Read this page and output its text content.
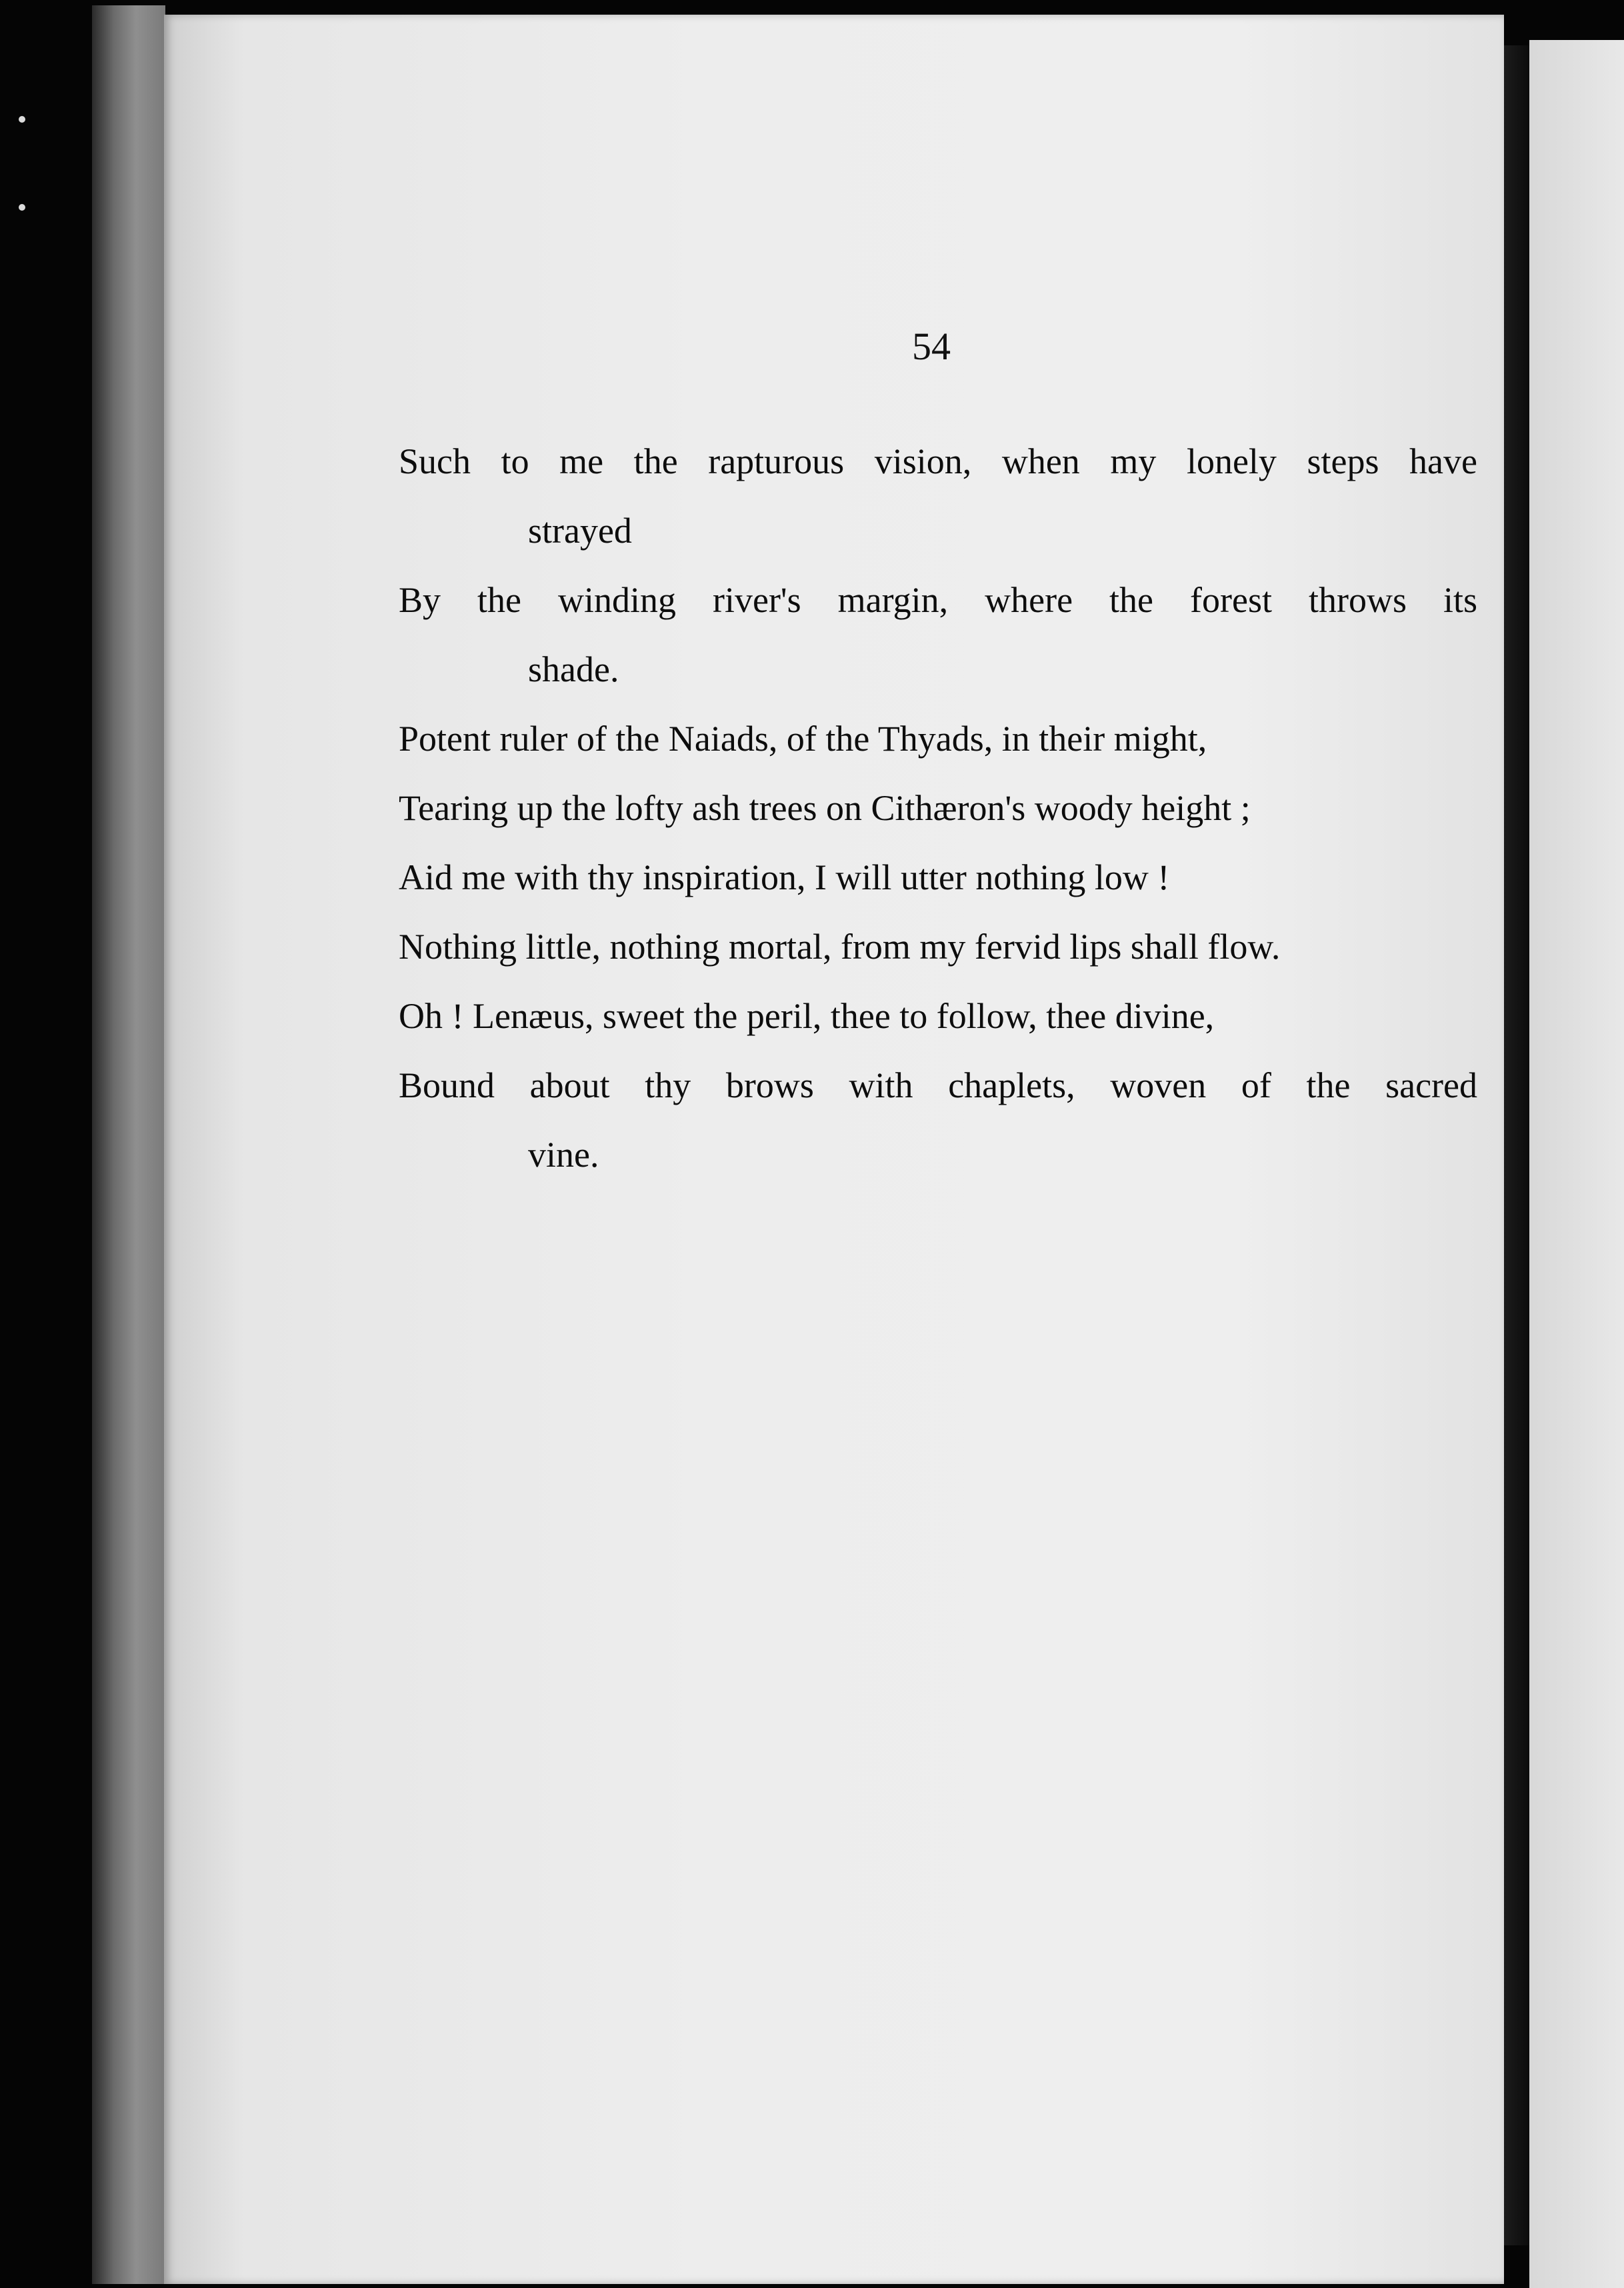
54
Such to me the rapturous vision, when my lonely steps have
strayed
By the winding river's margin, where the forest throws its
shade.
Potent ruler of the Naiads, of the Thyads, in their might,
Tearing up the lofty ash trees on Cithæron's woody height ;
Aid me with thy inspiration, I will utter nothing low !
Nothing little, nothing mortal, from my fervid lips shall flow.
Oh ! Lenæus, sweet the peril, thee to follow, thee divine,
Bound about thy brows with chaplets, woven of the sacred
vine.
